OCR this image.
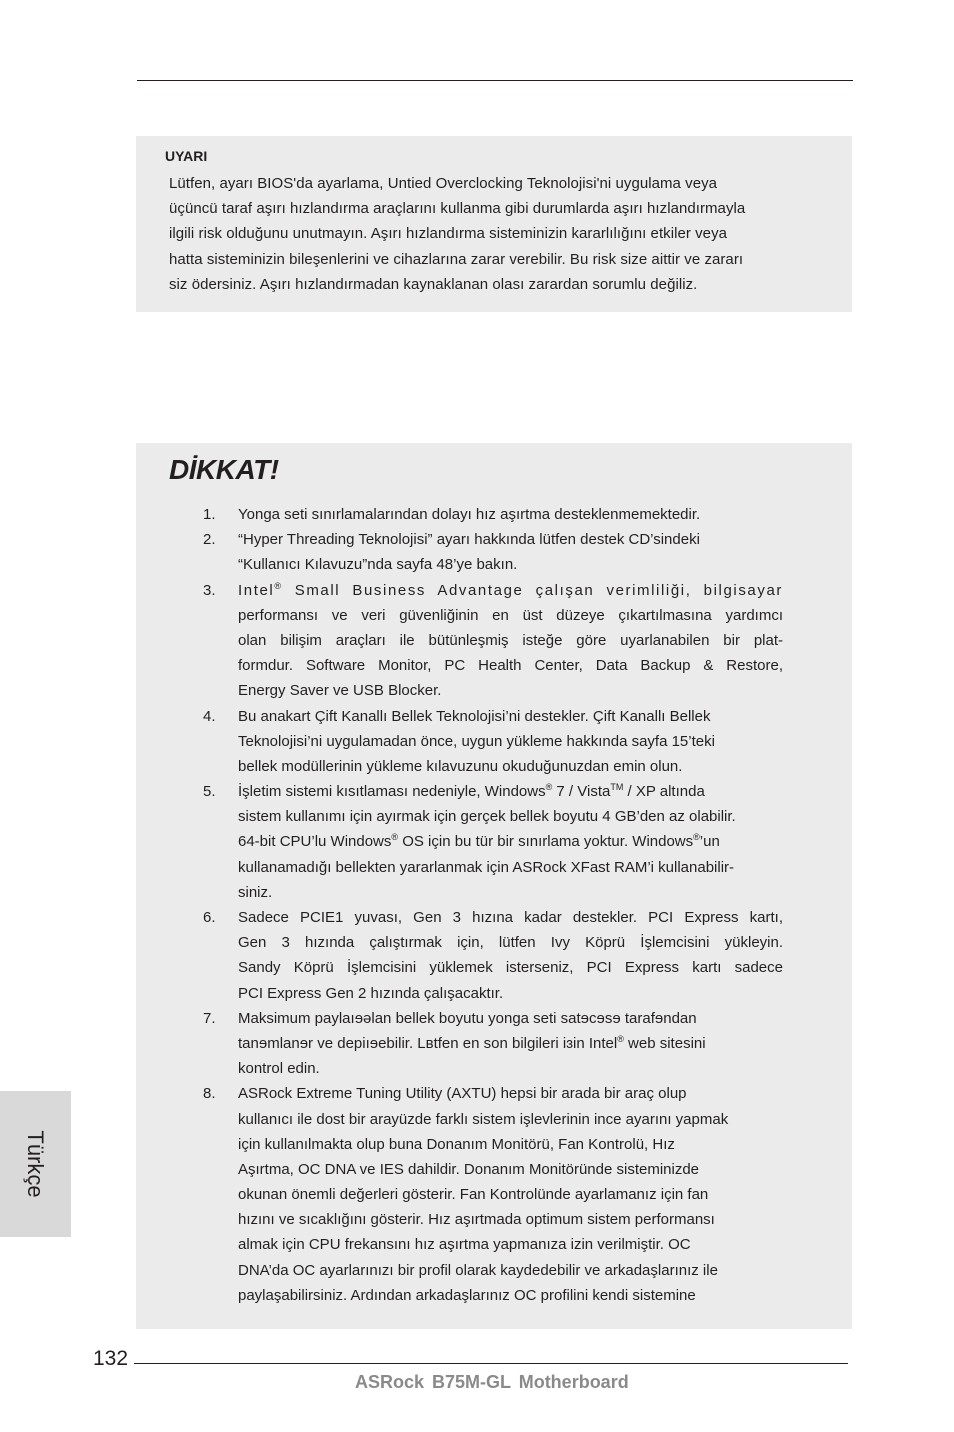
UYARI
Lütfen, ayarı BIOS'da ayarlama, Untied Overclocking Teknolojisi'ni uygulama veya
üçüncü taraf aşırı hızlandırma araçlarını kullanma gibi durumlarda aşırı hızlandırmayla
ilgili risk olduğunu unutmayın. Aşırı hızlandırma sisteminizin kararlılığını etkiler veya
hatta sisteminizin bileşenlerini ve cihazlarına zarar verebilir. Bu risk size aittir ve zararı
siz ödersiniz. Aşırı hızlandırmadan kaynaklanan olası zarardan sorumlu değiliz.
DİKKAT!
1. Yonga seti sınırlamalarından dolayı hız aşırtma desteklenmemektedir.
2. “Hyper Threading Teknolojisi” ayarı hakkında lütfen destek CD’sindeki
“Kullanıcı Kılavuzu”nda sayfa 48’ye bakın.
3. Intel® Small Business Advantage çalışan verimliliği, bilgisayar
performansı ve veri güvenliğinin en üst düzeye çıkartılmasına yardımcı
olan bilişim araçları ile bütünleşmiş isteğe göre uyarlanabilen bir plat-
formdur. Software Monitor, PC Health Center, Data Backup & Restore,
Energy Saver ve USB Blocker.
4. Bu anakart Çift Kanallı Bellek Teknolojisi’ni destekler. Çift Kanallı Bellek
Teknolojisi’ni uygulamadan önce, uygun yükleme hakkında sayfa 15’teki
bellek modüllerinin yükleme kılavuzunu okuduğunuzdan emin olun.
5. İşletim sistemi kısıtlaması nedeniyle, Windows® 7 / Vista™ / XP altında
sistem kullanımı için ayırmak için gerçek bellek boyutu 4 GB’den az olabilir.
64-bit CPU’lu Windows® OS için bu tür bir sınırlama yoktur. Windows®’un
kullanamadığı bellekten yararlanmak için ASRock XFast RAM’i kullanabilir-
siniz.
6. Sadece PCIE1 yuvası, Gen 3 hızına kadar destekler. PCI Express kartı,
Gen 3 hızında çalıştırmak için, lütfen Ivy Köprü İşlemcisini yükleyin.
Sandy Köprü İşlemcisini yüklemek isterseniz, PCI Express kartı sadece
PCI Express Gen 2 hızında çalışacaktır.
7. Maksimum paylaıɘəlan bellek boyutu yonga seti satɘcɘsɘ tarafɘndan
tanɘmlanɘr ve depiıɘebilir. Lвtfen en son bilgileri iɜin Intel® web sitesini
kontrol edin.
8. ASRock Extreme Tuning Utility (AXTU) hepsi bir arada bir araç olup
kullanıcı ile dost bir arayüzde farklı sistem işlevlerinin ince ayarını yapmak
için kullanılmakta olup buna Donanım Monitörü, Fan Kontrolü, Hız
Aşırtma, OC DNA ve IES dahildir. Donanım Monitöründe sisteminizde
okunan önemli değerleri gösterir. Fan Kontrolünde ayarlamanız için fan
hızını ve sıcaklığını gösterir. Hız aşırtmada optimum sistem performansı
almak için CPU frekansını hız aşırtma yapmanıza izin verilmiştir. OC
DNA’da OC ayarlarınızı bir profil olarak kaydedebilir ve arkadaşlarınız ile
paylaşabilirsiniz. Ardından arkadaşlarınız OC profilini kendi sistemine
Türkçe
132
ASRock B75M-GL Motherboard
